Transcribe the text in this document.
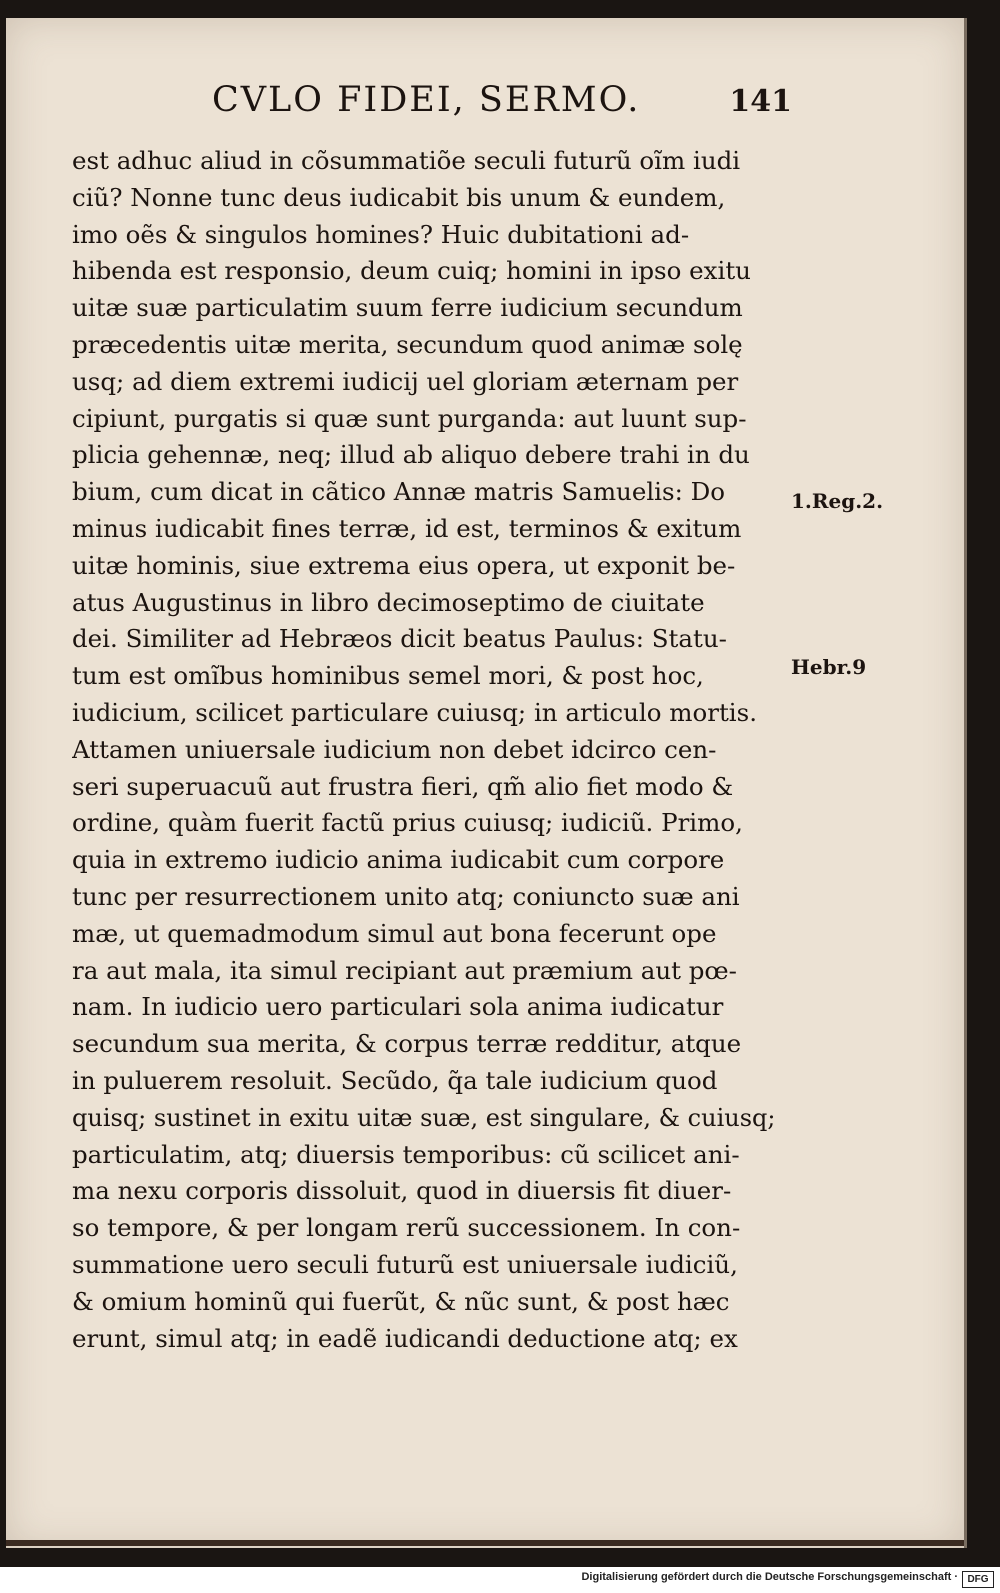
CVLO FIDEI, SERMO.	141
est adhuc aliud in cõsummatiõe seculi futurũ oĩm iudi
ciũ? Nonne tunc deus iudicabit bis unum & eundem,
imo oẽs & singulos homines? Huic dubitationi ad-
hibenda est responsio, deum cuiq; homini in ipso exitu
uitæ suæ particulatim suum ferre iudicium secundum
præcedentis uitæ merita, secundum quod animæ solę
usq; ad diem extremi iudicij uel gloriam æternam per
cipiunt, purgatis si quæ sunt purganda: aut luunt sup-
plicia gehennæ, neq; illud ab aliquo debere trahi in du
bium, cum dicat in cãtico Annæ matris Samuelis: Do
minus iudicabit fines terræ, id est, terminos & exitum
uitæ hominis, siue extrema eius opera, ut exponit be-
atus Augustinus in libro decimoseptimo de ciuitate
dei. Similiter ad Hebræos dicit beatus Paulus: Statu-
tum est omĩbus hominibus semel mori, & post hoc,
iudicium, scilicet particulare cuiusq; in articulo mortis.
Attamen uniuersale iudicium non debet idcirco cen-
seri superuacuũ aut frustra fieri, qm̃ alio fiet modo &
ordine, quàm fuerit factũ prius cuiusq; iudiciũ. Primo,
quia in extremo iudicio anima iudicabit cum corpore
tunc per resurrectionem unito atq; coniuncto suæ ani
mæ, ut quemadmodum simul aut bona fecerunt ope
ra aut mala, ita simul recipiant aut præmium aut pœ-
nam. In iudicio uero particulari sola anima iudicatur
secundum sua merita, & corpus terræ redditur, atque
in puluerem resoluit. Secũdo, q̃a tale iudicium quod
quisq; sustinet in exitu uitæ suæ, est singulare, & cuiusq;
particulatim, atq; diuersis temporibus: cũ scilicet ani-
ma nexu corporis dissoluit, quod in diuersis fit diuer-
so tempore, & per longam rerũ successionem. In con-
summatione uero seculi futurũ est uniuersale iudiciũ,
& omium hominũ qui fuerũt, & nũc sunt, & post hæc
erunt, simul atq; in eadẽ iudicandi deductione atq; ex
1.Reg.2.
Hebr.9
Digitalisierung gefördert durch die Deutsche Forschungsgemeinschaft · DFG
